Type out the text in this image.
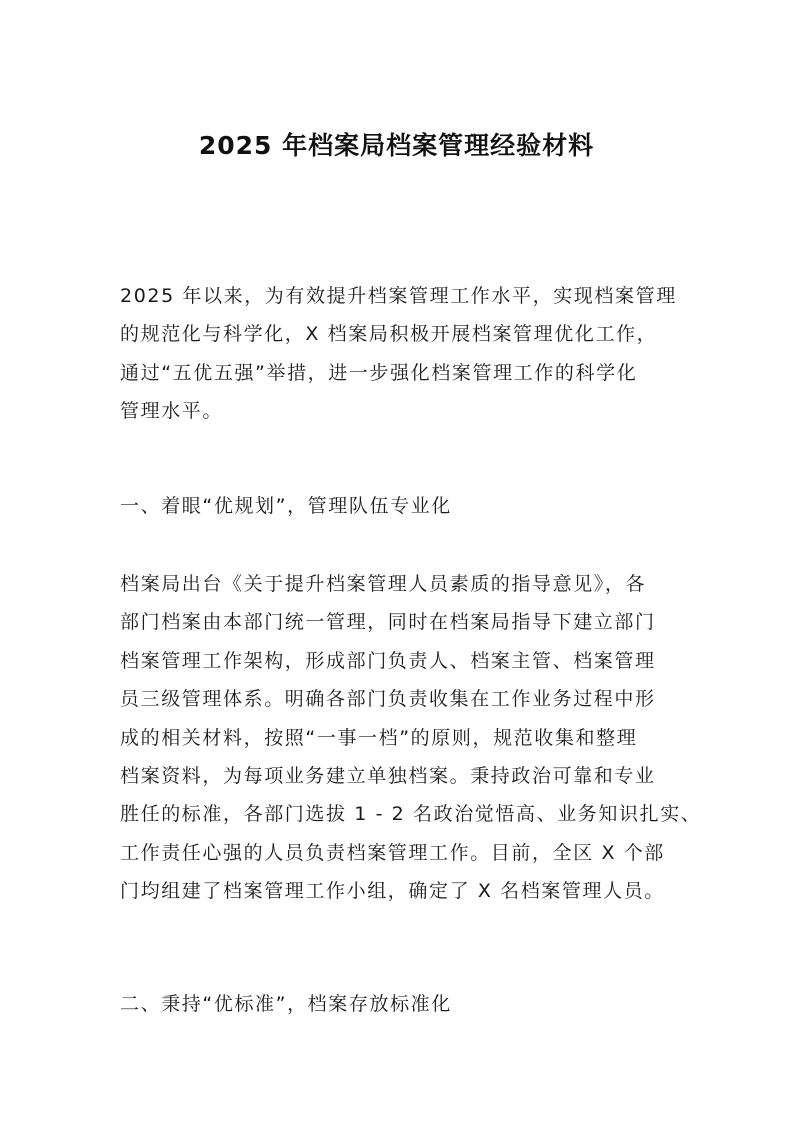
2025 年档案局档案管理经验材料
2025 年以来，为有效提升档案管理工作水平，实现档案管理
的规范化与科学化，X 档案局积极开展档案管理优化工作，
通过“五优五强”举措，进一步强化档案管理工作的科学化
管理水平。
一、着眼“优规划”，管理队伍专业化
档案局出台《关于提升档案管理人员素质的指导意见》，各
部门档案由本部门统一管理，同时在档案局指导下建立部门
档案管理工作架构，形成部门负责人、档案主管、档案管理
员三级管理体系。明确各部门负责收集在工作业务过程中形
成的相关材料，按照“一事一档”的原则，规范收集和整理
档案资料，为每项业务建立单独档案。秉持政治可靠和专业
胜任的标准，各部门选拔 1 - 2 名政治觉悟高、业务知识扎实、
工作责任心强的人员负责档案管理工作。目前，全区 X 个部
门均组建了档案管理工作小组，确定了 X 名档案管理人员。
二、秉持“优标准”，档案存放标准化
